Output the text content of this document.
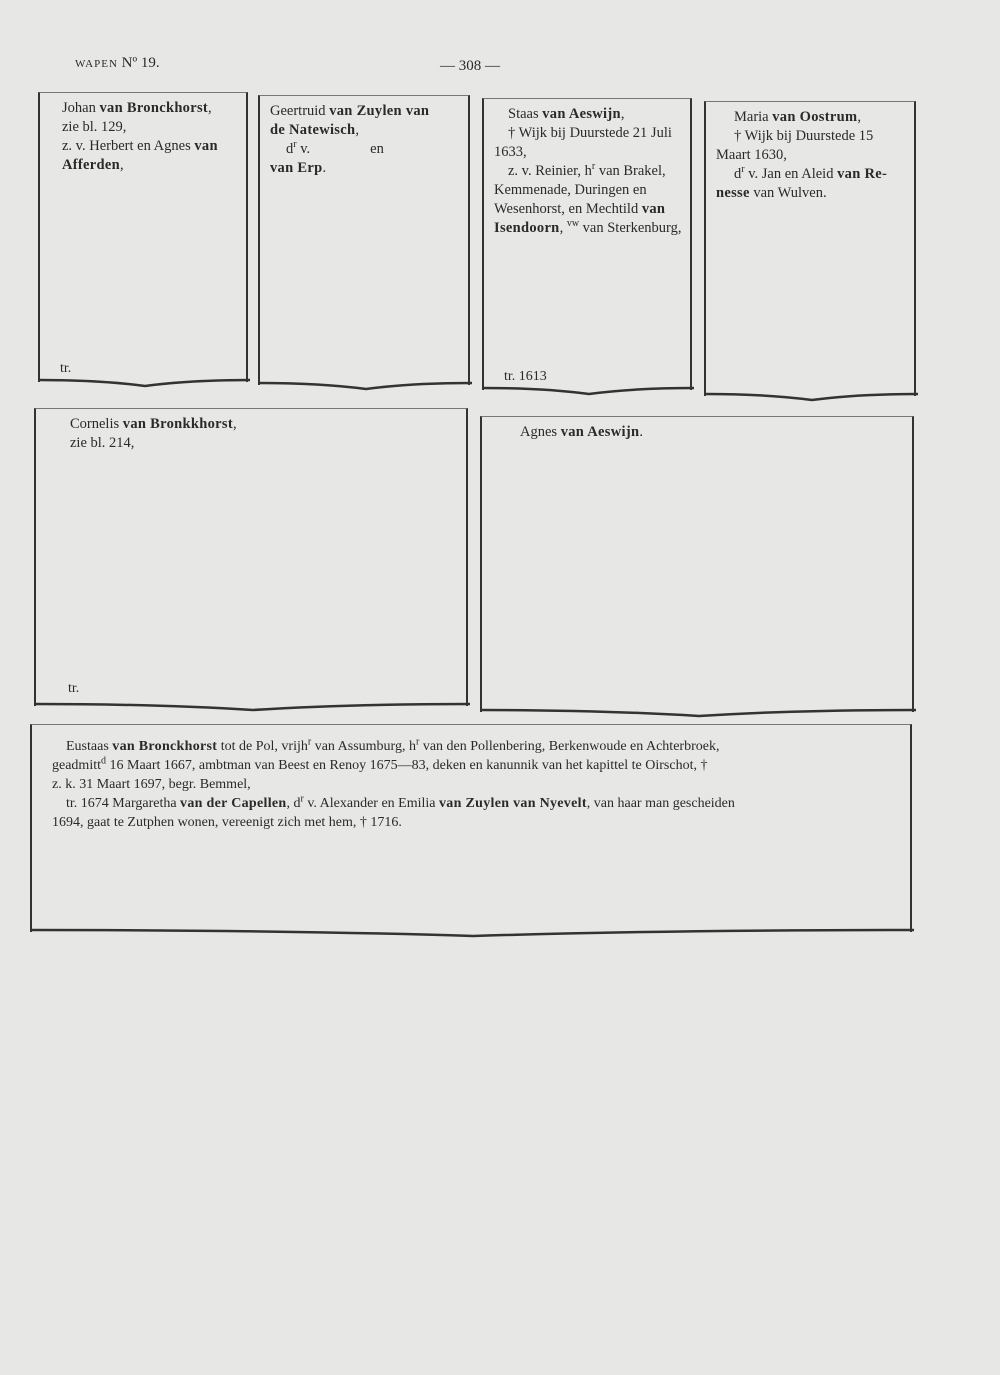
WAPEN Nº 19.	— 308 —
Johan van Bronckhorst,
zie bl. 129,
z. v. Herbert en Agnes van
Afferden,
tr.
Geertruid van Zuylen van
de Natewisch,
$d^r$ v.	en
van Erp.
Staas van Aeswijn,
† Wijk bij Duurstede 21 Juli
1633,
z. v. Reinier, $h^r$ van Brakel,
Kemmenade, Duringen en
Wesenhorst, en Mechtild van
Isendoorn, $^{vw}$ van Sterkenburg,
tr. 1613
Maria van Oostrum,
† Wijk bij Duurstede 15
Maart 1630,
$d^r$ v. Jan en Aleid van Re-
nesse van Wulven.
Cornelis van Bronkkhorst,
zie bl. 214,
tr.
Agnes van Aeswijn.
Eustaas van Bronckhorst tot de Pol, vrijh$^r$ van Assumburg, $h^r$ van den Pollenbering, Berkenwoude en Achterbroek,
geadmitt$^d$ 16 Maart 1667, ambtman van Beest en Renoy 1675—83, deken en kanunnik van het kapittel te Oirschot, †
z. k. 31 Maart 1697, begr. Bemmel,
tr. 1674 Margaretha van der Capellen, $d^r$ v. Alexander en Emilia van Zuylen van Nyevelt, van haar man gescheiden
1694, gaat te Zutphen wonen, vereenigt zich met hem, † 1716.
